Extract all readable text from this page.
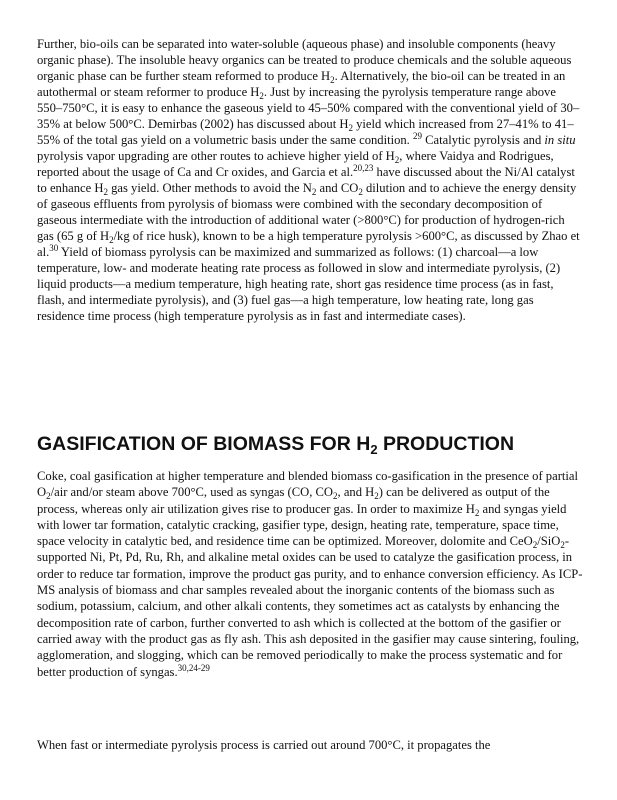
Further, bio-oils can be separated into water-soluble (aqueous phase) and insoluble components (heavy organic phase). The insoluble heavy organics can be treated to produce chemicals and the soluble aqueous organic phase can be further steam reformed to produce $H_2$. Alternatively, the bio-oil can be treated in an autothermal or steam reformer to produce $H_2$. Just by increasing the pyrolysis temperature range above 550–750°C, it is easy to enhance the gaseous yield to 45–50% compared with the conventional yield of 30–35% at below 500°C. Demirbas (2002) has discussed about $H_2$ yield which increased from 27–41% to 41–55% of the total gas yield on a volumetric basis under the same condition. $^{29}$ Catalytic pyrolysis and in situ pyrolysis vapor upgrading are other routes to achieve higher yield of $H_2$, where Vaidya and Rodrigues, reported about the usage of Ca and Cr oxides, and Garcia et al.$^{20,23}$ have discussed about the Ni/Al catalyst to enhance $H_2$ gas yield. Other methods to avoid the $N_2$ and $CO_2$ dilution and to achieve the energy density of gaseous effluents from pyrolysis of biomass were combined with the secondary decomposition of gaseous intermediate with the introduction of additional water (>800°C) for production of hydrogen-rich gas (65 g of $H_2/kg$ of rice husk), known to be a high temperature pyrolysis >600°C, as discussed by Zhao et al.$^{30}$ Yield of biomass pyrolysis can be maximized and summarized as follows: (1) charcoal—a low temperature, low- and moderate heating rate process as followed in slow and intermediate pyrolysis, (2) liquid products—a medium temperature, high heating rate, short gas residence time process (as in fast, flash, and intermediate pyrolysis), and (3) fuel gas—a high temperature, low heating rate, long gas residence time process (high temperature pyrolysis as in fast and intermediate cases).

GASIFICATION OF BIOMASS FOR $H_2$ PRODUCTION

Coke, coal gasification at higher temperature and blended biomass co-gasification in the presence of partial $O_2$/air and/or steam above 700°C, used as syngas (CO, $CO_2$, and $H_2$) can be delivered as output of the process, whereas only air utilization gives rise to producer gas. In order to maximize $H_2$ and syngas yield with lower tar formation, catalytic cracking, gasifier type, design, heating rate, temperature, space time, space velocity in catalytic bed, and residence time can be optimized. Moreover, dolomite and CeO$_2$/SiO$_2$-supported Ni, Pt, Pd, Ru, Rh, and alkaline metal oxides can be used to catalyze the gasification process, in order to reduce tar formation, improve the product gas purity, and to enhance conversion efficiency. As ICP-MS analysis of biomass and char samples revealed about the inorganic contents of the biomass such as sodium, potassium, calcium, and other alkali contents, they sometimes act as catalysts by enhancing the decomposition rate of carbon, further converted to ash which is collected at the bottom of the gasifier or carried away with the product gas as fly ash. This ash deposited in the gasifier may cause sintering, fouling, agglomeration, and slogging, which can be removed periodically to make the process systematic and for better production of syngas.$^{30,24-29}$

When fast or intermediate pyrolysis process is carried out around 700°C, it propagates the
